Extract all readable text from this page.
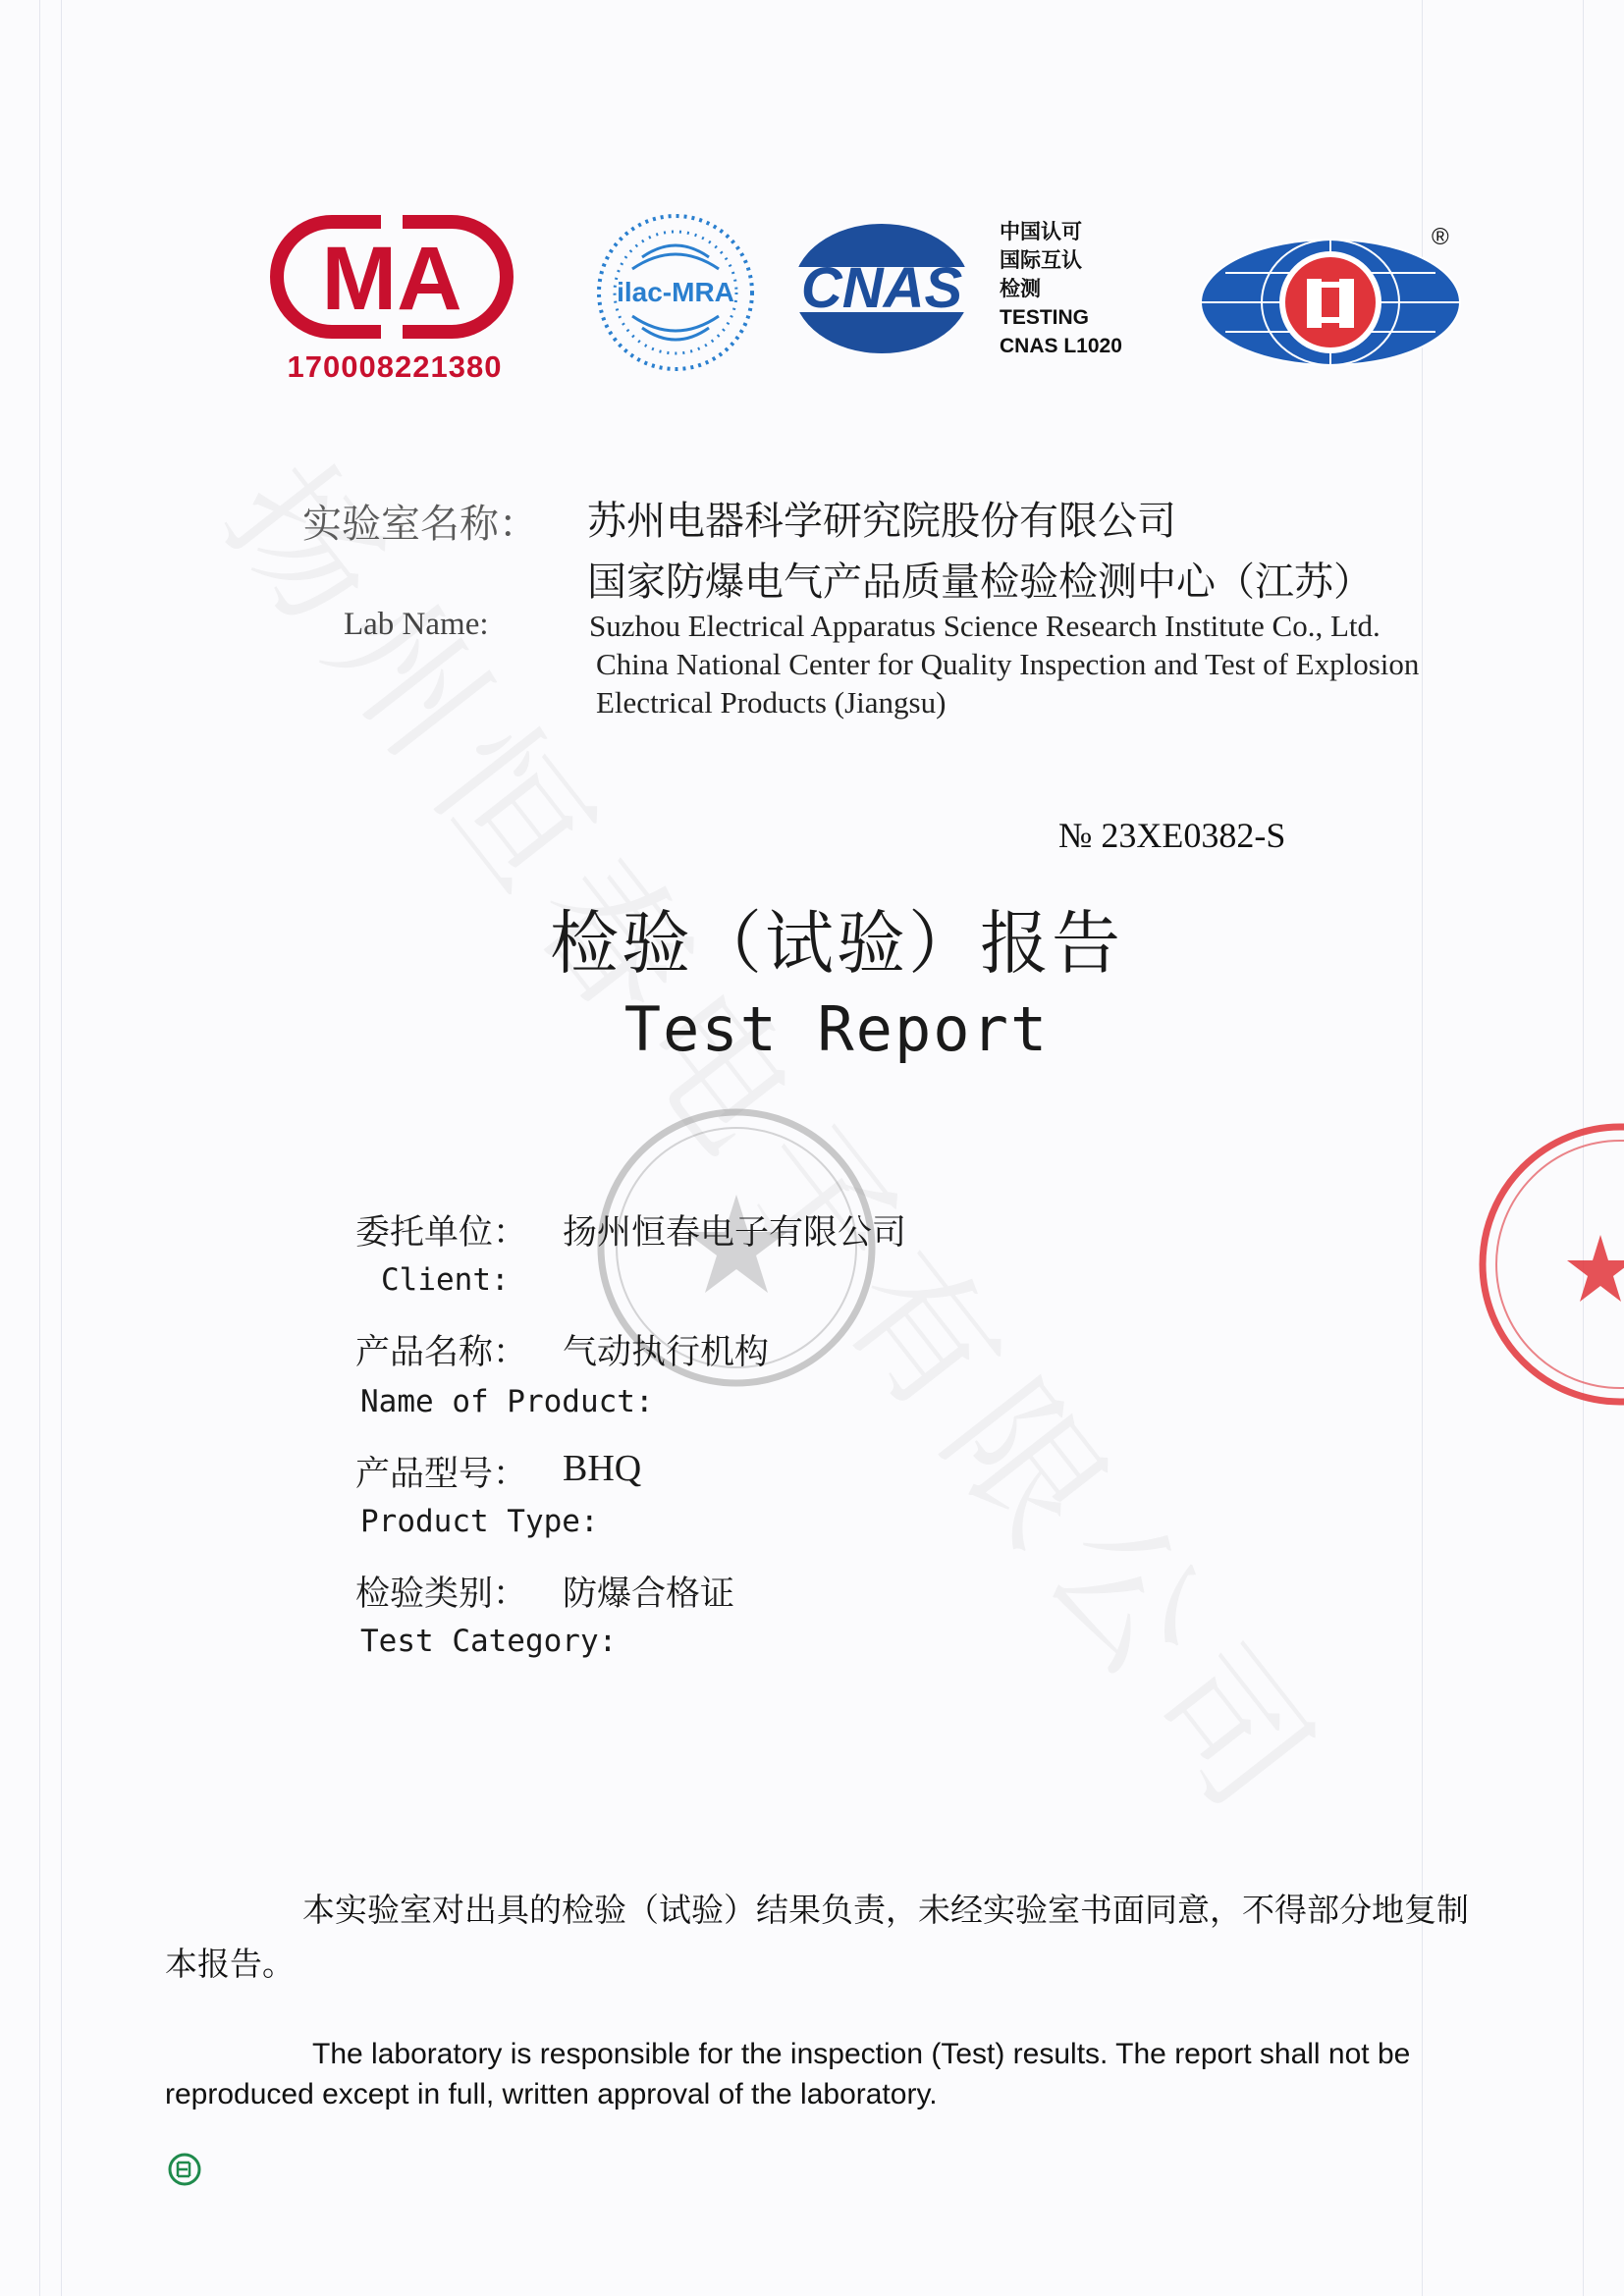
MA
170008221380
ilac-MRA CNAS
中国认可
国际互认
检测
TESTING
CNAS L1020
®
实验室名称： 苏州电器科学研究院股份有限公司
国家防爆电气产品质量检验检测中心（江苏）
Lab Name:	Suzhou Electrical Apparatus Science Research Institute Co., Ltd.
China National Center for Quality Inspection and Test of Explosion
Electrical Products (Jiangsu)
№ 23XE0382-S
检验（试验）报告
Test Report
委托单位： 扬州恒春电子有限公司
Client:
产品名称： 气动执行机构
Name of Product:
产品型号： BHQ
Product Type:
检验类别： 防爆合格证
Test Category:
本实验室对出具的检验（试验）结果负责，未经实验室书面同意，不得部分地复制本报告。
The laboratory is responsible for the inspection (Test) results. The report shall not be reproduced except in full, written approval of the laboratory.
